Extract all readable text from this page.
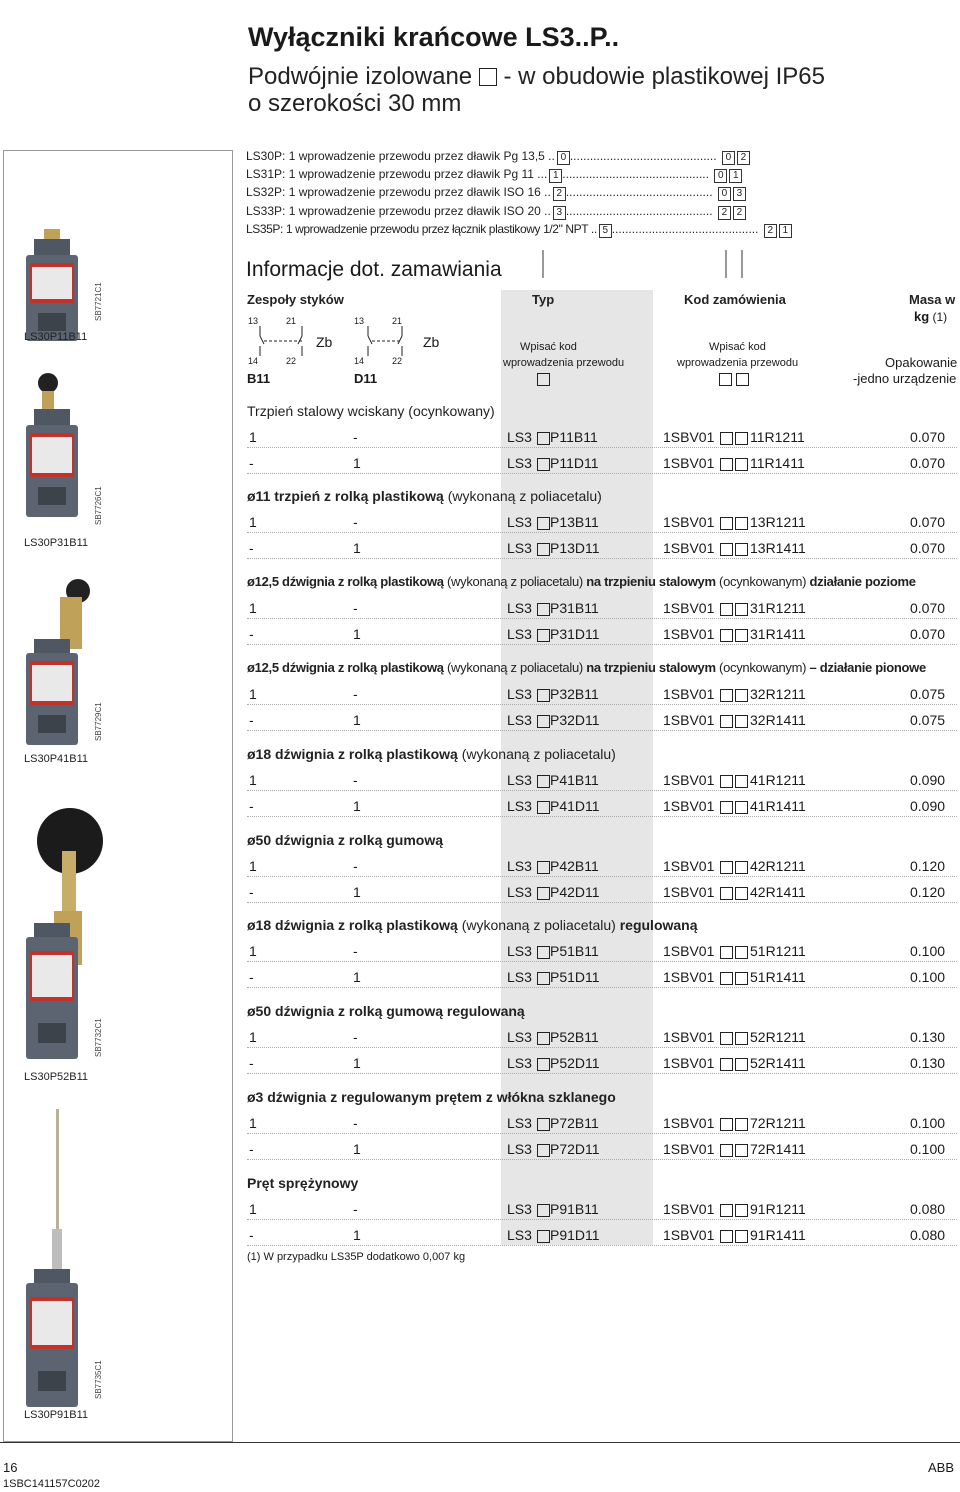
Wyłączniki krańcowe LS3..P..
Podwójnie izolowane - w obudowie plastikowej IP65
o szerokości 30 mm
LS30P11B11
SB7721C1
LS30P31B11
SB7726C1
LS30P41B11
SB7729C1
LS30P52B11
SB7732C1
LS30P91B11
SB7735C1
LS30P: 1 wprowadzenie przewodu przez dławik Pg 13,5 .. 0 ............................................ 0 2
LS31P: 1 wprowadzenie przewodu przez dławik Pg 11 ... 1 ............................................ 0 1
LS32P: 1 wprowadzenie przewodu przez dławik ISO 16 .. 2 ............................................ 0 3
LS33P: 1 wprowadzenie przewodu przez dławik ISO 20 .. 3 ............................................ 2 2
LS35P: 1 wprowadzenie przewodu przez łącznik plastikowy 1/2" NPT .. 5 ............................................ 2 1
Informacje dot. zamawiania
Zespoły styków	Typ	Kod zamówienia	Masa w
kg (1)
Wpisać kod
wprowadzenia przewodu
Wpisać kod
wprowadzenia przewodu
	Opakowanie
-jedno urządzenie
13	21
14	22
Zb
13	21
14	22
Zb
B11	D11
Trzpień stalowy wciskany (ocynkowany)
1	-	LS3 P11B11	1SBV01	11R1211	0.070
-	1	LS3 P11D11	1SBV01	11R1411	0.070
ø11 trzpień z rolką plastikową (wykonaną z poliacetalu)
1	-	LS3 P13B11	1SBV01	13R1211	0.070
-	1	LS3 P13D11	1SBV01	13R1411	0.070
ø12,5 dźwignia z rolką plastikową (wykonaną z poliacetalu) na trzpieniu stalowym (ocynkowanym) działanie poziome
1	-	LS3 P31B11	1SBV01	31R1211	0.070
-	1	LS3 P31D11	1SBV01	31R1411	0.070
ø12,5 dźwignia z rolką plastikową (wykonaną z poliacetalu) na trzpieniu stalowym (ocynkowanym) – działanie pionowe
1	-	LS3 P32B11	1SBV01	32R1211	0.075
-	1	LS3 P32D11	1SBV01	32R1411	0.075
ø18 dźwignia z rolką plastikową (wykonaną z poliacetalu)
1	-	LS3 P41B11	1SBV01	41R1211	0.090
-	1	LS3 P41D11	1SBV01	41R1411	0.090
ø50 dźwignia z rolką gumową
1	-	LS3 P42B11	1SBV01	42R1211	0.120
-	1	LS3 P42D11	1SBV01	42R1411	0.120
ø18 dźwignia z rolką plastikową (wykonaną z poliacetalu) regulowaną
1	-	LS3 P51B11	1SBV01	51R1211	0.100
-	1	LS3 P51D11	1SBV01	51R1411	0.100
ø50 dźwignia z rolką gumową regulowaną
1	-	LS3 P52B11	1SBV01	52R1211	0.130
-	1	LS3 P52D11	1SBV01	52R1411	0.130
ø3 dźwignia z regulowanym prętem z włókna szklanego
1	-	LS3 P72B11	1SBV01	72R1211	0.100
-	1	LS3 P72D11	1SBV01	72R1411	0.100
Pręt sprężynowy
1	-	LS3 P91B11	1SBV01	91R1211	0.080
-	1	LS3 P91D11	1SBV01	91R1411	0.080
(1) W przypadku LS35P dodatkowo 0,007 kg
16
1SBC141157C0202
ABB
